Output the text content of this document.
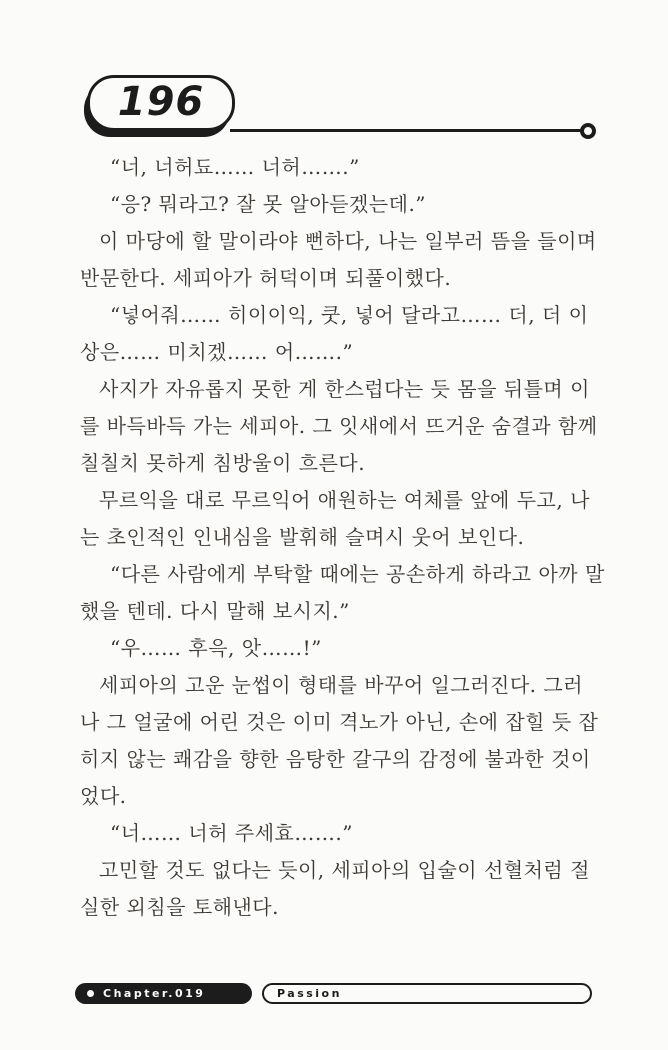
196
“너, 너허됴…… 너허…….”
“응? 뭐라고? 잘 못 알아듣겠는데.”
이 마당에 할 말이라야 뻔하다, 나는 일부러 뜸을 들이며
반문한다. 세피아가 허덕이며 되풀이했다.
“넣어줘…… 히이이익, 쿳, 넣어 달라고…… 더, 더 이
상은…… 미치겠…… 어…….”
사지가 자유롭지 못한 게 한스럽다는 듯 몸을 뒤틀며 이
를 바득바득 가는 세피아. 그 잇새에서 뜨거운 숨결과 함께
칠칠치 못하게 침방울이 흐른다.
무르익을 대로 무르익어 애원하는 여체를 앞에 두고, 나
는 초인적인 인내심을 발휘해 슬며시 웃어 보인다.
“다른 사람에게 부탁할 때에는 공손하게 하라고 아까 말
했을 텐데. 다시 말해 보시지.”
“우…… 후윽, 앗……!”
세피아의 고운 눈썹이 형태를 바꾸어 일그러진다. 그러
나 그 얼굴에 어린 것은 이미 격노가 아닌, 손에 잡힐 듯 잡
히지 않는 쾌감을 향한 음탕한 갈구의 감정에 불과한 것이
었다.
“너…… 너허 주세효…….”
고민할 것도 없다는 듯이, 세피아의 입술이 선혈처럼 절
실한 외침을 토해낸다.
Chapter.019	Passion
